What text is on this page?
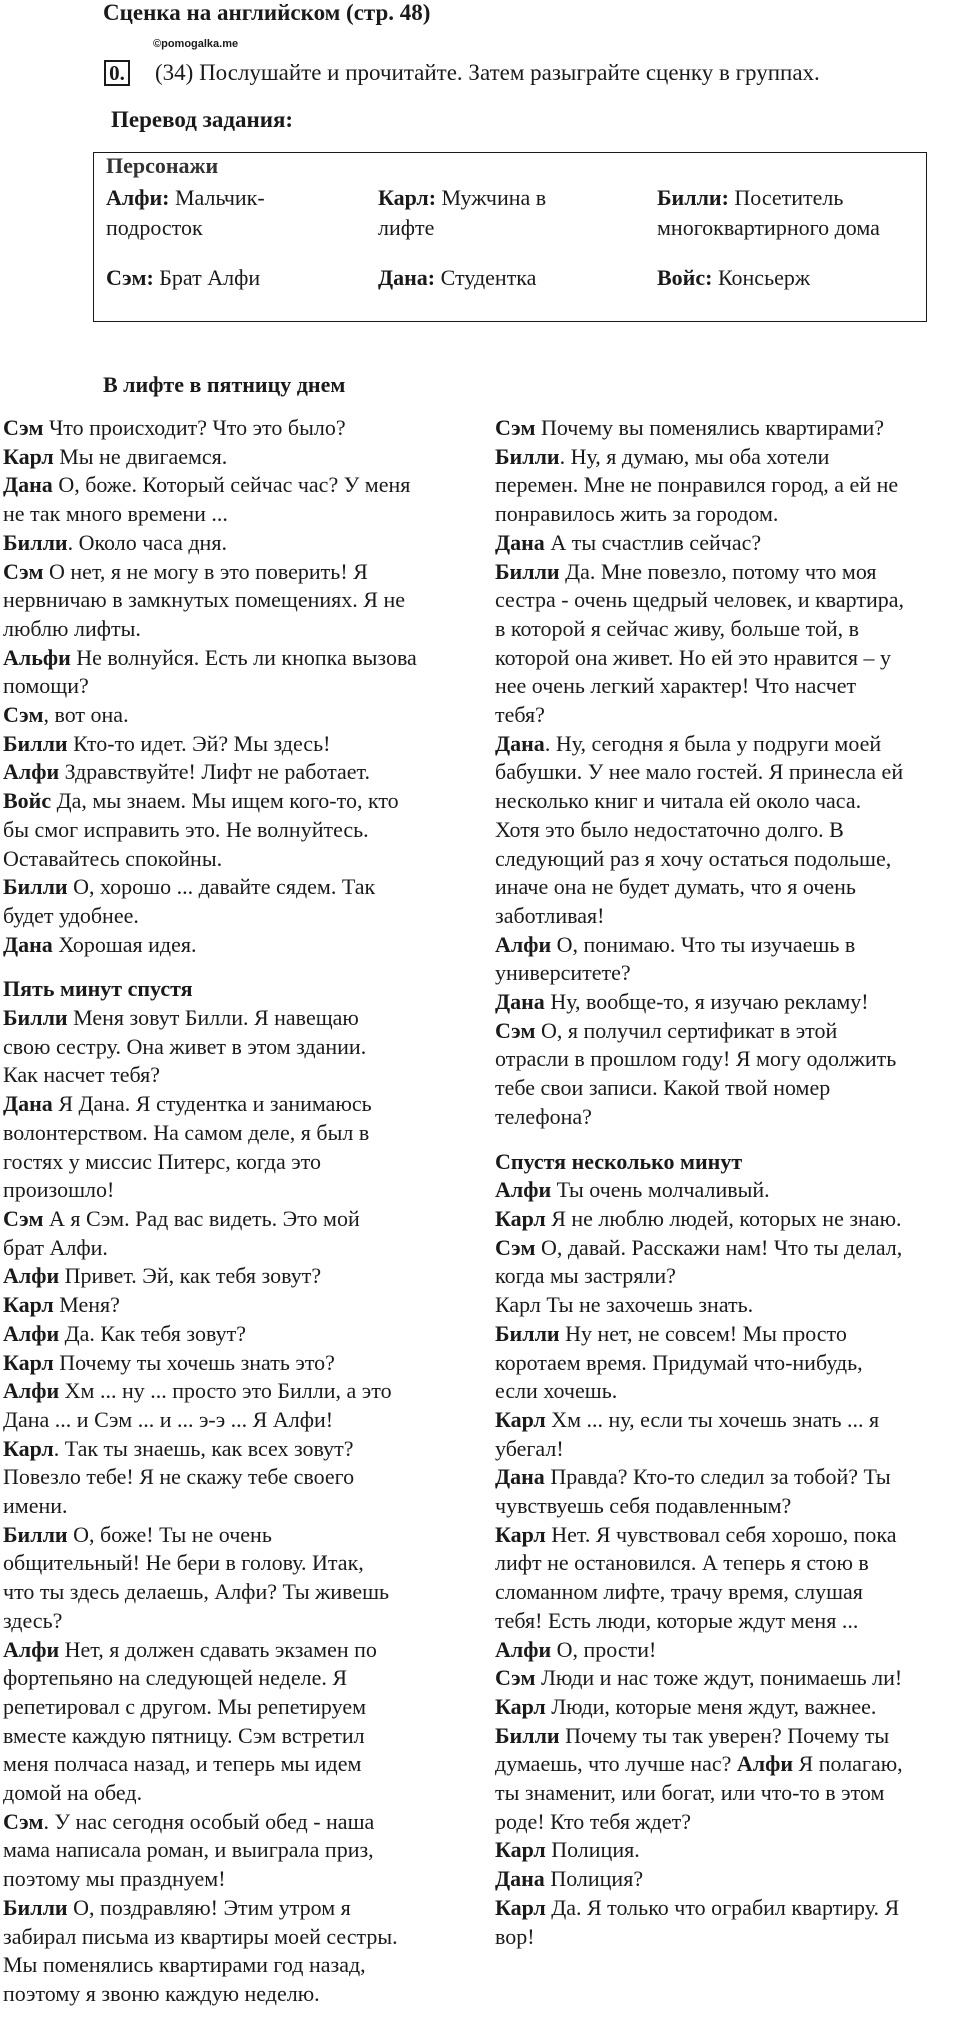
Сценка на английском (стр. 48)
©pomogalka.me
0. (34) Послушайте и прочитайте. Затем разыграйте сценку в группах.
Перевод задания:
Персонажи
Алфи: Мальчик-подросток
Карл: Мужчина в лифте
Билли: Посетитель многоквартирного дома
Сэм: Брат Алфи	Дана: Студентка	Войс: Консьерж
В лифте в пятницу днем
Сэм Что происходит? Что это было?
Карл Мы не двигаемся.
Дана О, боже. Который сейчас час? У меня
не так много времени ...
Билли. Около часа дня.
Сэм О нет, я не могу в это поверить! Я
нервничаю в замкнутых помещениях. Я не
люблю лифты.
Альфи Не волнуйся. Есть ли кнопка вызова
помощи?
Сэм, вот она.
Билли Кто-то идет. Эй? Мы здесь!
Алфи Здравствуйте! Лифт не работает.
Войс Да, мы знаем. Мы ищем кого-то, кто
бы смог исправить это. Не волнуйтесь.
Оставайтесь спокойны.
Билли О, хорошо ... давайте сядем. Так
будет удобнее.
Дана Хорошая идея.
Пять минут спустя
Билли Меня зовут Билли. Я навещаю
свою сестру. Она живет в этом здании.
Как насчет тебя?
Дана Я Дана. Я студентка и занимаюсь
волонтерством. На самом деле, я был в
гостях у миссис Питерс, когда это
произошло!
Сэм А я Сэм. Рад вас видеть. Это мой
брат Алфи.
Алфи Привет. Эй, как тебя зовут?
Карл Меня?
Алфи Да. Как тебя зовут?
Карл Почему ты хочешь знать это?
Алфи Хм ... ну ... просто это Билли, а это
Дана ... и Сэм ... и ... э-э ... Я Алфи!
Карл. Так ты знаешь, как всех зовут?
Повезло тебе! Я не скажу тебе своего
имени.
Билли О, боже! Ты не очень
общительный! Не бери в голову. Итак,
что ты здесь делаешь, Алфи? Ты живешь
здесь?
Алфи Нет, я должен сдавать экзамен по
фортепьяно на следующей неделе. Я
репетировал с другом. Мы репетируем
вместе каждую пятницу. Сэм встретил
меня полчаса назад, и теперь мы идем
домой на обед.
Сэм. У нас сегодня особый обед - наша
мама написала роман, и выиграла приз,
поэтому мы празднуем!
Билли О, поздравляю! Этим утром я
забирал письма из квартиры моей сестры.
Мы поменялись квартирами год назад,
поэтому я звоню каждую неделю.
Сэм Почему вы поменялись квартирами?
Билли. Ну, я думаю, мы оба хотели
перемен. Мне не понравился город, а ей не
понравилось жить за городом.
Дана А ты счастлив сейчас?
Билли Да. Мне повезло, потому что моя
сестра - очень щедрый человек, и квартира,
в которой я сейчас живу, больше той, в
которой она живет. Но ей это нравится – у
нее очень легкий характер! Что насчет
тебя?
Дана. Ну, сегодня я была у подруги моей
бабушки. У нее мало гостей. Я принесла ей
несколько книг и читала ей около часа.
Хотя это было недостаточно долго. В
следующий раз я хочу остаться подольше,
иначе она не будет думать, что я очень
заботливая!
Алфи О, понимаю. Что ты изучаешь в
университете?
Дана Ну, вообще-то, я изучаю рекламу!
Сэм О, я получил сертификат в этой
отрасли в прошлом году! Я могу одолжить
тебе свои записи. Какой твой номер
телефона?
Спустя несколько минут
Алфи Ты очень молчаливый.
Карл Я не люблю людей, которых не знаю.
Сэм О, давай. Расскажи нам! Что ты делал,
когда мы застряли?
Карл Ты не захочешь знать.
Билли Ну нет, не совсем! Мы просто
коротаем время. Придумай что-нибудь,
если хочешь.
Карл Хм ... ну, если ты хочешь знать ... я
убегал!
Дана Правда? Кто-то следил за тобой? Ты
чувствуешь себя подавленным?
Карл Нет. Я чувствовал себя хорошо, пока
лифт не остановился. А теперь я стою в
сломанном лифте, трачу время, слушая
тебя! Есть люди, которые ждут меня ...
Алфи О, прости!
Сэм Люди и нас тоже ждут, понимаешь ли!
Карл Люди, которые меня ждут, важнее.
Билли Почему ты так уверен? Почему ты
думаешь, что лучше нас? Алфи Я полагаю,
ты знаменит, или богат, или что-то в этом
роде! Кто тебя ждет?
Карл Полиция.
Дана Полиция?
Карл Да. Я только что ограбил квартиру. Я
вор!
